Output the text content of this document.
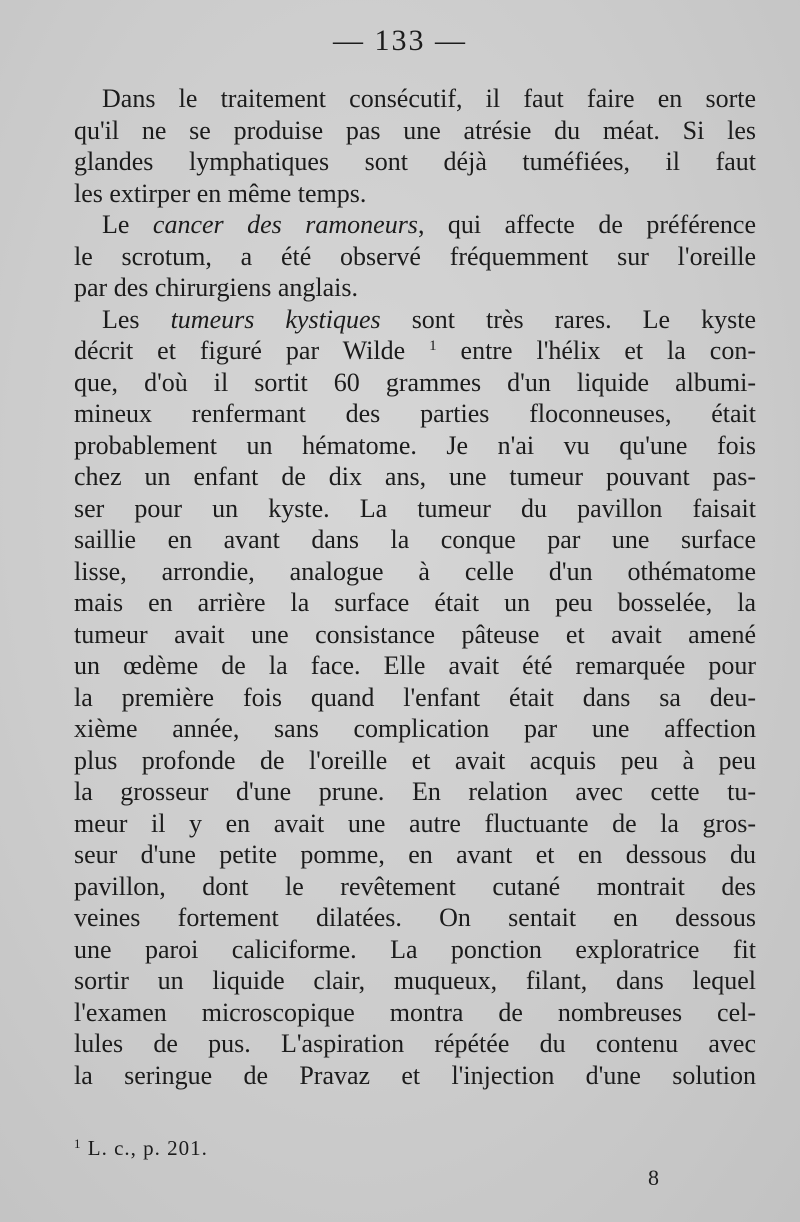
— 133 —
Dans le traitement consécutif, il faut faire en sorte
qu'il ne se produise pas une atrésie du méat. Si les
glandes lymphatiques sont déjà tuméfiées, il faut
les extirper en même temps.
Le cancer des ramoneurs, qui affecte de préférence
le scrotum, a été observé fréquemment sur l'oreille
par des chirurgiens anglais.
Les tumeurs kystiques sont très rares. Le kyste
décrit et figuré par Wilde $^1$ entre l'hélix et la con-
que, d'où il sortit 60 grammes d'un liquide albumi-
mineux renfermant des parties floconneuses, était
probablement un hématome. Je n'ai vu qu'une fois
chez un enfant de dix ans, une tumeur pouvant pas-
ser pour un kyste. La tumeur du pavillon faisait
saillie en avant dans la conque par une surface
lisse, arrondie, analogue à celle d'un othématome
mais en arrière la surface était un peu bosselée, la
tumeur avait une consistance pâteuse et avait amené
un œdème de la face. Elle avait été remarquée pour
la première fois quand l'enfant était dans sa deu-
xième année, sans complication par une affection
plus profonde de l'oreille et avait acquis peu à peu
la grosseur d'une prune. En relation avec cette tu-
meur il y en avait une autre fluctuante de la gros-
seur d'une petite pomme, en avant et en dessous du
pavillon, dont le revêtement cutané montrait des
veines fortement dilatées. On sentait en dessous
une paroi caliciforme. La ponction exploratrice fit
sortir un liquide clair, muqueux, filant, dans lequel
l'examen microscopique montra de nombreuses cel-
lules de pus. L'aspiration répétée du contenu avec
la seringue de Pravaz et l'injection d'une solution
$^1$ L. c., p. 201.
8
